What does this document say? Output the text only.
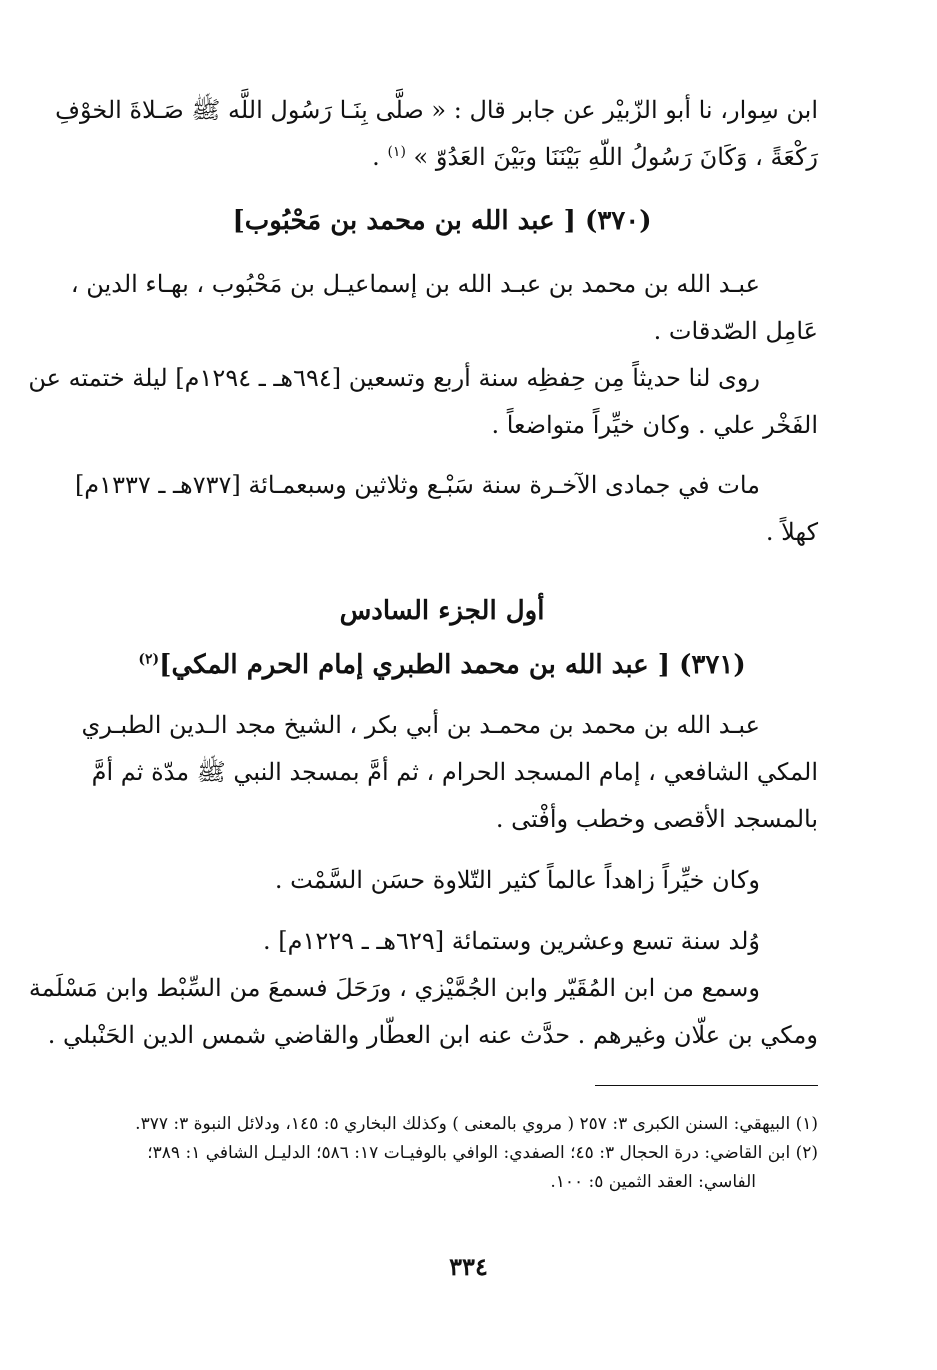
ابن سِوار، نا أبو الزّبيْر عن جابر قال : « صلَّى بِنَـا رَسُول اللَّه ﷺ صَـلاةَ الخوْفِ
رَكْعَةً ، وَكَانَ رَسُولُ اللّهِ بَيْنَنَا وبَيْنَ العَدُوّ » $^{(١)}$ .
(٣٧٠) [ عبد الله بن محمد بن مَحْبُوب]
عبـد الله بن محمد بن عبـد الله بن إسماعيـل بن مَحْبُوب ، بهـاء الدين ،
عَامِل الصّدقات .
روى لنا حديثاً مِن حِفظِه سنة أربع وتسعين [٦٩٤هـ ـ ١٢٩٤م] ليلة ختمته عن
الفَخْر علي . وكان خيِّراً متواضعاً .
مات في جمادى الآخـرة سنة سَبْـع وثلاثين وسبعمـائة [٧٣٧هـ ـ ١٣٣٧م]
كهلاً .
أول الجزء السادس
(٣٧١) [ عبد الله بن محمد الطبري إمام الحرم المكي]$^{(٢)}$
عبـد الله بن محمد بن محمـد بن أبي بكر ، الشيخ مجد الـدين الطبـري
المكي الشافعي ، إمام المسجد الحرام ، ثم أمَّ بمسجد النبي ﷺ مدّة ثم أمَّ
بالمسجد الأقصى وخطب وأفْتى .
وكان خيِّراً زاهداً عالماً كثير التّلاوة حسَن السَّمْت .
وُلد سنة تسع وعشرين وستمائة [٦٢٩هـ ـ ١٢٢٩م] .
وسمع من ابن المُقَيّر وابن الجُمَّيْزي ، ورَحَلَ فسمعَ من السِّبْط وابن مَسْلَمة
ومكي بن علّان وغيرهم . حدَّث عنه ابن العطّار والقاضي شمس الدين الحَنْبلي .
(١) البيهقي: السنن الكبرى ٣: ٢٥٧ ( مروي بالمعنى ) وكذلك البخاري ٥: ١٤٥، ودلائل النبوة ٣: ٣٧٧.
(٢) ابن القاضي: درة الحجال ٣: ٤٥؛ الصفدي: الوافي بالوفيـات ١٧: ٥٨٦؛ الدليـل الشافي ١: ٣٨٩؛
الفاسي: العقد الثمين ٥: ١٠٠.
٣٣٤
